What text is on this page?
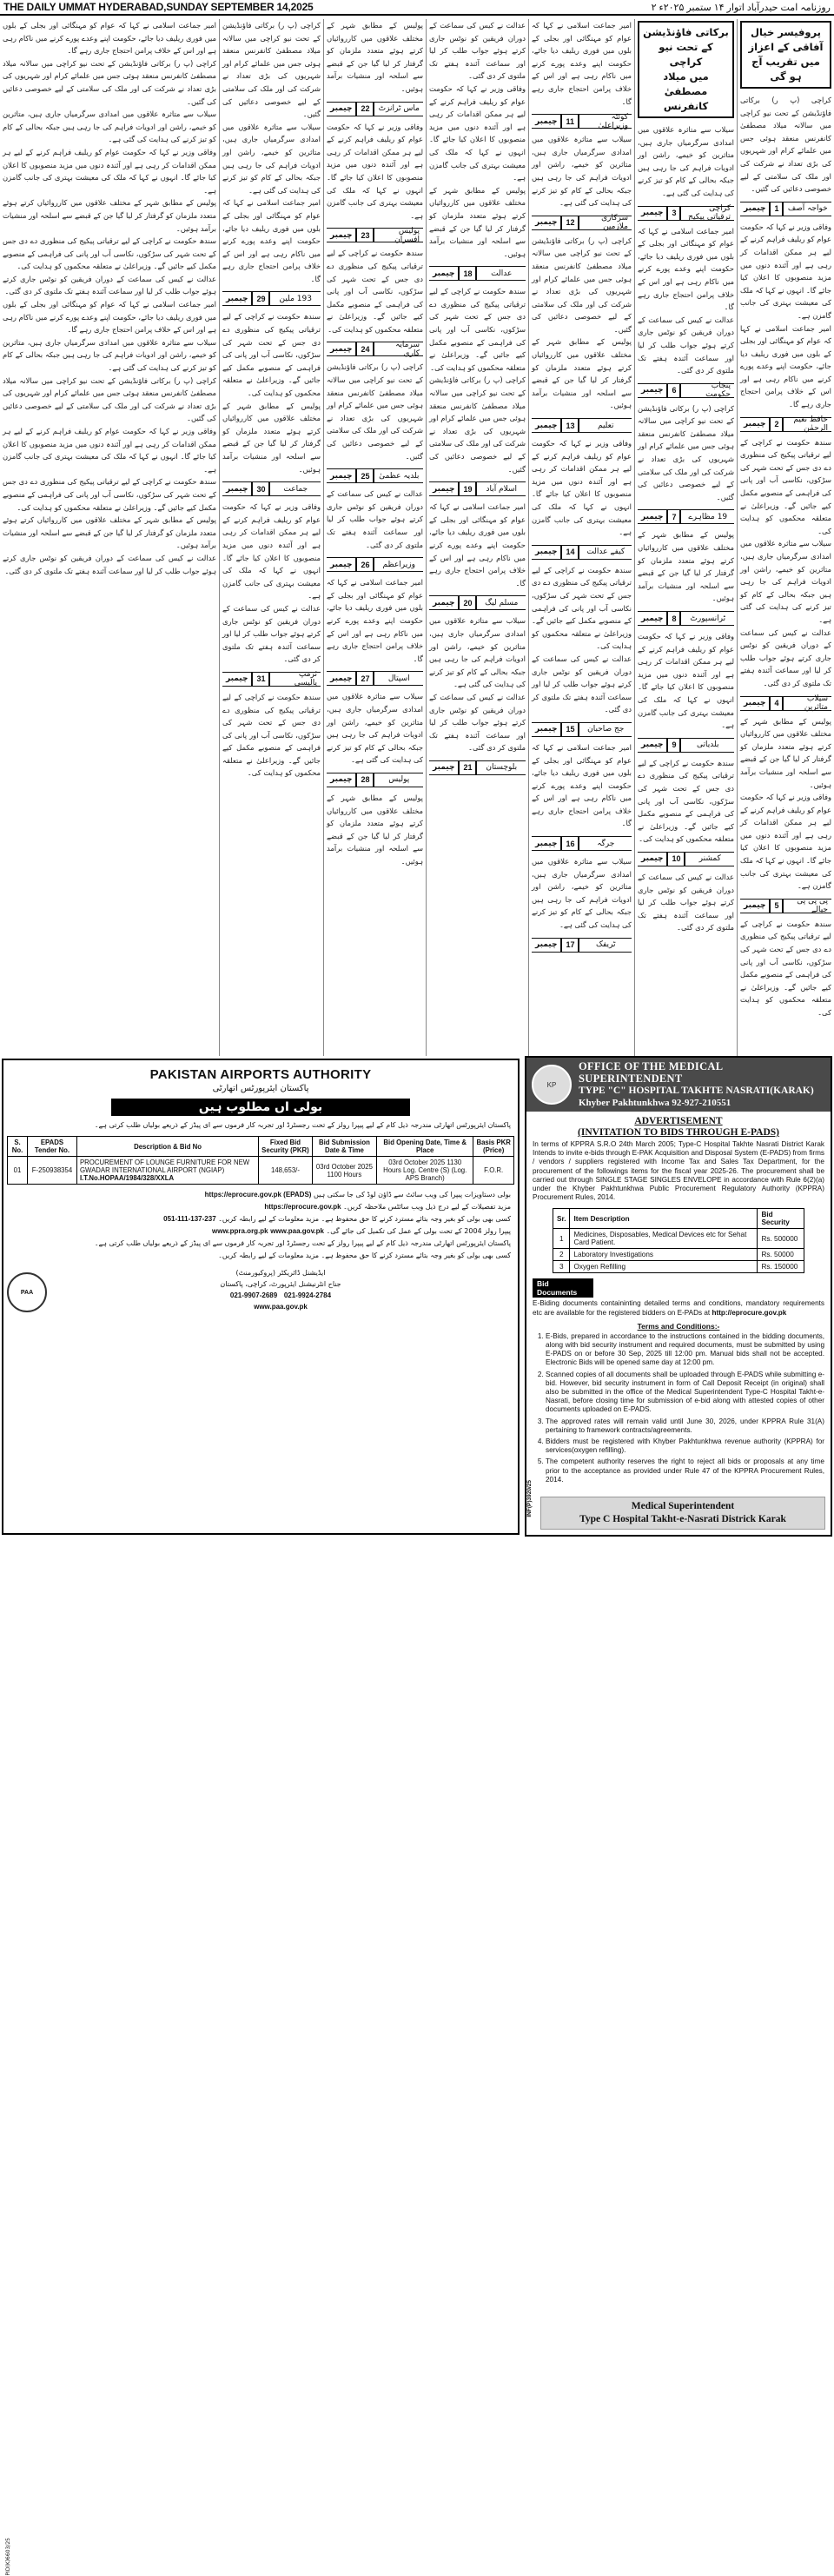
THE DAILY UMMAT HYDERABAD,SUNDAY SEPTEMBER 14,2025	روزنامہ امت حیدرآباد اتوار ۱۴ ستمبر ۲۰۲۵ء ۲
پروفیسر خیال آفاقی کے اعزاز
میں تقریب آج ہو گی
کراچی (پ ر) برکاتی فاؤنڈیشن کے تحت نیو کراچی میں سالانہ میلاد مصطفیٰ کانفرنس منعقد ہوئی جس میں علمائے کرام اور شہریوں کی بڑی تعداد نے شرکت کی اور ملک کی سلامتی کے لیے خصوصی دعائیں کی گئیں۔
چیمبر	1	خواجہ آصف
وفاقی وزیر نے کہا کہ حکومت عوام کو ریلیف فراہم کرنے کے لیے ہر ممکن اقدامات کر رہی ہے اور آئندہ دنوں میں مزید منصوبوں کا اعلان کیا جائے گا۔ انہوں نے کہا کہ ملک کی معیشت بہتری کی جانب گامزن ہے۔
امیر جماعت اسلامی نے کہا کہ عوام کو مہنگائی اور بجلی کے بلوں میں فوری ریلیف دیا جائے، حکومت اپنے وعدے پورے کرنے میں ناکام رہی ہے اور اس کے خلاف پرامن احتجاج جاری رہے گا۔
چیمبر	2	حافظ نعیم الرحمٰن
سندھ حکومت نے کراچی کے لیے ترقیاتی پیکیج کی منظوری دے دی جس کے تحت شہر کی سڑکوں، نکاسی آب اور پانی کی فراہمی کے منصوبے مکمل کیے جائیں گے۔ وزیراعلیٰ نے متعلقہ محکموں کو ہدایت کی۔
سیلاب سے متاثرہ علاقوں میں امدادی سرگرمیاں جاری ہیں، متاثرین کو خیمے، راشن اور ادویات فراہم کی جا رہی ہیں جبکہ بحالی کے کام کو تیز کرنے کی ہدایت کی گئی ہے۔
عدالت نے کیس کی سماعت کے دوران فریقین کو نوٹس جاری کرتے ہوئے جواب طلب کر لیا اور سماعت آئندہ ہفتے تک ملتوی کر دی گئی۔
چیمبر	4	سیلاب متاثرین
پولیس کے مطابق شہر کے مختلف علاقوں میں کارروائیاں کرتے ہوئے متعدد ملزمان کو گرفتار کر لیا گیا جن کے قبضے سے اسلحہ اور منشیات برآمد ہوئیں۔
وفاقی وزیر نے کہا کہ حکومت عوام کو ریلیف فراہم کرنے کے لیے ہر ممکن اقدامات کر رہی ہے اور آئندہ دنوں میں مزید منصوبوں کا اعلان کیا جائے گا۔ انہوں نے کہا کہ ملک کی معیشت بہتری کی جانب گامزن ہے۔
چیمبر	5	پی پی پی جیالے
سندھ حکومت نے کراچی کے لیے ترقیاتی پیکیج کی منظوری دے دی جس کے تحت شہر کی سڑکوں، نکاسی آب اور پانی کی فراہمی کے منصوبے مکمل کیے جائیں گے۔ وزیراعلیٰ نے متعلقہ محکموں کو ہدایت کی۔
برکاتی فاؤنڈیشن کے تحت نیو کراچی
میں میلاد مصطفیٰ کانفرنس
سیلاب سے متاثرہ علاقوں میں امدادی سرگرمیاں جاری ہیں، متاثرین کو خیمے، راشن اور ادویات فراہم کی جا رہی ہیں جبکہ بحالی کے کام کو تیز کرنے کی ہدایت کی گئی ہے۔
چیمبر	3	کراچی ترقیاتی پیکیج
امیر جماعت اسلامی نے کہا کہ عوام کو مہنگائی اور بجلی کے بلوں میں فوری ریلیف دیا جائے، حکومت اپنے وعدے پورے کرنے میں ناکام رہی ہے اور اس کے خلاف پرامن احتجاج جاری رہے گا۔
عدالت نے کیس کی سماعت کے دوران فریقین کو نوٹس جاری کرتے ہوئے جواب طلب کر لیا اور سماعت آئندہ ہفتے تک ملتوی کر دی گئی۔
چیمبر	6	پنجاب حکومت
کراچی (پ ر) برکاتی فاؤنڈیشن کے تحت نیو کراچی میں سالانہ میلاد مصطفیٰ کانفرنس منعقد ہوئی جس میں علمائے کرام اور شہریوں کی بڑی تعداد نے شرکت کی اور ملک کی سلامتی کے لیے خصوصی دعائیں کی گئیں۔
چیمبر	7	19 مظاہرے
پولیس کے مطابق شہر کے مختلف علاقوں میں کارروائیاں کرتے ہوئے متعدد ملزمان کو گرفتار کر لیا گیا جن کے قبضے سے اسلحہ اور منشیات برآمد ہوئیں۔
چیمبر	8	ٹرانسپورٹ
وفاقی وزیر نے کہا کہ حکومت عوام کو ریلیف فراہم کرنے کے لیے ہر ممکن اقدامات کر رہی ہے اور آئندہ دنوں میں مزید منصوبوں کا اعلان کیا جائے گا۔ انہوں نے کہا کہ ملک کی معیشت بہتری کی جانب گامزن ہے۔
چیمبر	9	بلدیاتی
سندھ حکومت نے کراچی کے لیے ترقیاتی پیکیج کی منظوری دے دی جس کے تحت شہر کی سڑکوں، نکاسی آب اور پانی کی فراہمی کے منصوبے مکمل کیے جائیں گے۔ وزیراعلیٰ نے متعلقہ محکموں کو ہدایت کی۔
چیمبر	10	کمشنر
عدالت نے کیس کی سماعت کے دوران فریقین کو نوٹس جاری کرتے ہوئے جواب طلب کر لیا اور سماعت آئندہ ہفتے تک ملتوی کر دی گئی۔
امیر جماعت اسلامی نے کہا کہ عوام کو مہنگائی اور بجلی کے بلوں میں فوری ریلیف دیا جائے، حکومت اپنے وعدے پورے کرنے میں ناکام رہی ہے اور اس کے خلاف پرامن احتجاج جاری رہے گا۔
چیمبر	11	کوئٹہ وزیراعلیٰ
سیلاب سے متاثرہ علاقوں میں امدادی سرگرمیاں جاری ہیں، متاثرین کو خیمے، راشن اور ادویات فراہم کی جا رہی ہیں جبکہ بحالی کے کام کو تیز کرنے کی ہدایت کی گئی ہے۔
چیمبر	12	سرکاری ملازمین
کراچی (پ ر) برکاتی فاؤنڈیشن کے تحت نیو کراچی میں سالانہ میلاد مصطفیٰ کانفرنس منعقد ہوئی جس میں علمائے کرام اور شہریوں کی بڑی تعداد نے شرکت کی اور ملک کی سلامتی کے لیے خصوصی دعائیں کی گئیں۔
پولیس کے مطابق شہر کے مختلف علاقوں میں کارروائیاں کرتے ہوئے متعدد ملزمان کو گرفتار کر لیا گیا جن کے قبضے سے اسلحہ اور منشیات برآمد ہوئیں۔
چیمبر	13	تعلیم
وفاقی وزیر نے کہا کہ حکومت عوام کو ریلیف فراہم کرنے کے لیے ہر ممکن اقدامات کر رہی ہے اور آئندہ دنوں میں مزید منصوبوں کا اعلان کیا جائے گا۔ انہوں نے کہا کہ ملک کی معیشت بہتری کی جانب گامزن ہے۔
چیمبر	14	کیفے عدالت
سندھ حکومت نے کراچی کے لیے ترقیاتی پیکیج کی منظوری دے دی جس کے تحت شہر کی سڑکوں، نکاسی آب اور پانی کی فراہمی کے منصوبے مکمل کیے جائیں گے۔ وزیراعلیٰ نے متعلقہ محکموں کو ہدایت کی۔
عدالت نے کیس کی سماعت کے دوران فریقین کو نوٹس جاری کرتے ہوئے جواب طلب کر لیا اور سماعت آئندہ ہفتے تک ملتوی کر دی گئی۔
چیمبر	15	جج صاحبان
امیر جماعت اسلامی نے کہا کہ عوام کو مہنگائی اور بجلی کے بلوں میں فوری ریلیف دیا جائے، حکومت اپنے وعدے پورے کرنے میں ناکام رہی ہے اور اس کے خلاف پرامن احتجاج جاری رہے گا۔
چیمبر	16	جرگہ
سیلاب سے متاثرہ علاقوں میں امدادی سرگرمیاں جاری ہیں، متاثرین کو خیمے، راشن اور ادویات فراہم کی جا رہی ہیں جبکہ بحالی کے کام کو تیز کرنے کی ہدایت کی گئی ہے۔
چیمبر	17	ٹریفک
عدالت نے کیس کی سماعت کے دوران فریقین کو نوٹس جاری کرتے ہوئے جواب طلب کر لیا اور سماعت آئندہ ہفتے تک ملتوی کر دی گئی۔
وفاقی وزیر نے کہا کہ حکومت عوام کو ریلیف فراہم کرنے کے لیے ہر ممکن اقدامات کر رہی ہے اور آئندہ دنوں میں مزید منصوبوں کا اعلان کیا جائے گا۔ انہوں نے کہا کہ ملک کی معیشت بہتری کی جانب گامزن ہے۔
پولیس کے مطابق شہر کے مختلف علاقوں میں کارروائیاں کرتے ہوئے متعدد ملزمان کو گرفتار کر لیا گیا جن کے قبضے سے اسلحہ اور منشیات برآمد ہوئیں۔
چیمبر	18	عدالت
سندھ حکومت نے کراچی کے لیے ترقیاتی پیکیج کی منظوری دے دی جس کے تحت شہر کی سڑکوں، نکاسی آب اور پانی کی فراہمی کے منصوبے مکمل کیے جائیں گے۔ وزیراعلیٰ نے متعلقہ محکموں کو ہدایت کی۔
کراچی (پ ر) برکاتی فاؤنڈیشن کے تحت نیو کراچی میں سالانہ میلاد مصطفیٰ کانفرنس منعقد ہوئی جس میں علمائے کرام اور شہریوں کی بڑی تعداد نے شرکت کی اور ملک کی سلامتی کے لیے خصوصی دعائیں کی گئیں۔
چیمبر	19	اسلام آباد
امیر جماعت اسلامی نے کہا کہ عوام کو مہنگائی اور بجلی کے بلوں میں فوری ریلیف دیا جائے، حکومت اپنے وعدے پورے کرنے میں ناکام رہی ہے اور اس کے خلاف پرامن احتجاج جاری رہے گا۔
چیمبر	20	مسلم لیگ
سیلاب سے متاثرہ علاقوں میں امدادی سرگرمیاں جاری ہیں، متاثرین کو خیمے، راشن اور ادویات فراہم کی جا رہی ہیں جبکہ بحالی کے کام کو تیز کرنے کی ہدایت کی گئی ہے۔
عدالت نے کیس کی سماعت کے دوران فریقین کو نوٹس جاری کرتے ہوئے جواب طلب کر لیا اور سماعت آئندہ ہفتے تک ملتوی کر دی گئی۔
چیمبر	21	بلوچستان
پولیس کے مطابق شہر کے مختلف علاقوں میں کارروائیاں کرتے ہوئے متعدد ملزمان کو گرفتار کر لیا گیا جن کے قبضے سے اسلحہ اور منشیات برآمد ہوئیں۔
چیمبر	22	ماس ٹرانزٹ
وفاقی وزیر نے کہا کہ حکومت عوام کو ریلیف فراہم کرنے کے لیے ہر ممکن اقدامات کر رہی ہے اور آئندہ دنوں میں مزید منصوبوں کا اعلان کیا جائے گا۔ انہوں نے کہا کہ ملک کی معیشت بہتری کی جانب گامزن ہے۔
چیمبر	23	پولیس افسران
سندھ حکومت نے کراچی کے لیے ترقیاتی پیکیج کی منظوری دے دی جس کے تحت شہر کی سڑکوں، نکاسی آب اور پانی کی فراہمی کے منصوبے مکمل کیے جائیں گے۔ وزیراعلیٰ نے متعلقہ محکموں کو ہدایت کی۔
چیمبر	24	سرمایہ کاری
کراچی (پ ر) برکاتی فاؤنڈیشن کے تحت نیو کراچی میں سالانہ میلاد مصطفیٰ کانفرنس منعقد ہوئی جس میں علمائے کرام اور شہریوں کی بڑی تعداد نے شرکت کی اور ملک کی سلامتی کے لیے خصوصی دعائیں کی گئیں۔
چیمبر	25	بلدیہ عظمیٰ
عدالت نے کیس کی سماعت کے دوران فریقین کو نوٹس جاری کرتے ہوئے جواب طلب کر لیا اور سماعت آئندہ ہفتے تک ملتوی کر دی گئی۔
چیمبر	26	وزیراعظم
امیر جماعت اسلامی نے کہا کہ عوام کو مہنگائی اور بجلی کے بلوں میں فوری ریلیف دیا جائے، حکومت اپنے وعدے پورے کرنے میں ناکام رہی ہے اور اس کے خلاف پرامن احتجاج جاری رہے گا۔
چیمبر	27	اسپتال
سیلاب سے متاثرہ علاقوں میں امدادی سرگرمیاں جاری ہیں، متاثرین کو خیمے، راشن اور ادویات فراہم کی جا رہی ہیں جبکہ بحالی کے کام کو تیز کرنے کی ہدایت کی گئی ہے۔
چیمبر	28	پولیس
پولیس کے مطابق شہر کے مختلف علاقوں میں کارروائیاں کرتے ہوئے متعدد ملزمان کو گرفتار کر لیا گیا جن کے قبضے سے اسلحہ اور منشیات برآمد ہوئیں۔
کراچی (پ ر) برکاتی فاؤنڈیشن کے تحت نیو کراچی میں سالانہ میلاد مصطفیٰ کانفرنس منعقد ہوئی جس میں علمائے کرام اور شہریوں کی بڑی تعداد نے شرکت کی اور ملک کی سلامتی کے لیے خصوصی دعائیں کی گئیں۔
سیلاب سے متاثرہ علاقوں میں امدادی سرگرمیاں جاری ہیں، متاثرین کو خیمے، راشن اور ادویات فراہم کی جا رہی ہیں جبکہ بحالی کے کام کو تیز کرنے کی ہدایت کی گئی ہے۔
امیر جماعت اسلامی نے کہا کہ عوام کو مہنگائی اور بجلی کے بلوں میں فوری ریلیف دیا جائے، حکومت اپنے وعدے پورے کرنے میں ناکام رہی ہے اور اس کے خلاف پرامن احتجاج جاری رہے گا۔
چیمبر	29	193 ملین
سندھ حکومت نے کراچی کے لیے ترقیاتی پیکیج کی منظوری دے دی جس کے تحت شہر کی سڑکوں، نکاسی آب اور پانی کی فراہمی کے منصوبے مکمل کیے جائیں گے۔ وزیراعلیٰ نے متعلقہ محکموں کو ہدایت کی۔
پولیس کے مطابق شہر کے مختلف علاقوں میں کارروائیاں کرتے ہوئے متعدد ملزمان کو گرفتار کر لیا گیا جن کے قبضے سے اسلحہ اور منشیات برآمد ہوئیں۔
چیمبر	30	جماعت
وفاقی وزیر نے کہا کہ حکومت عوام کو ریلیف فراہم کرنے کے لیے ہر ممکن اقدامات کر رہی ہے اور آئندہ دنوں میں مزید منصوبوں کا اعلان کیا جائے گا۔ انہوں نے کہا کہ ملک کی معیشت بہتری کی جانب گامزن ہے۔
عدالت نے کیس کی سماعت کے دوران فریقین کو نوٹس جاری کرتے ہوئے جواب طلب کر لیا اور سماعت آئندہ ہفتے تک ملتوی کر دی گئی۔
چیمبر	31	ٹرمپ پالیسی
سندھ حکومت نے کراچی کے لیے ترقیاتی پیکیج کی منظوری دے دی جس کے تحت شہر کی سڑکوں، نکاسی آب اور پانی کی فراہمی کے منصوبے مکمل کیے جائیں گے۔ وزیراعلیٰ نے متعلقہ محکموں کو ہدایت کی۔
امیر جماعت اسلامی نے کہا کہ عوام کو مہنگائی اور بجلی کے بلوں میں فوری ریلیف دیا جائے، حکومت اپنے وعدے پورے کرنے میں ناکام رہی ہے اور اس کے خلاف پرامن احتجاج جاری رہے گا۔
کراچی (پ ر) برکاتی فاؤنڈیشن کے تحت نیو کراچی میں سالانہ میلاد مصطفیٰ کانفرنس منعقد ہوئی جس میں علمائے کرام اور شہریوں کی بڑی تعداد نے شرکت کی اور ملک کی سلامتی کے لیے خصوصی دعائیں کی گئیں۔
سیلاب سے متاثرہ علاقوں میں امدادی سرگرمیاں جاری ہیں، متاثرین کو خیمے، راشن اور ادویات فراہم کی جا رہی ہیں جبکہ بحالی کے کام کو تیز کرنے کی ہدایت کی گئی ہے۔
وفاقی وزیر نے کہا کہ حکومت عوام کو ریلیف فراہم کرنے کے لیے ہر ممکن اقدامات کر رہی ہے اور آئندہ دنوں میں مزید منصوبوں کا اعلان کیا جائے گا۔ انہوں نے کہا کہ ملک کی معیشت بہتری کی جانب گامزن ہے۔
پولیس کے مطابق شہر کے مختلف علاقوں میں کارروائیاں کرتے ہوئے متعدد ملزمان کو گرفتار کر لیا گیا جن کے قبضے سے اسلحہ اور منشیات برآمد ہوئیں۔
سندھ حکومت نے کراچی کے لیے ترقیاتی پیکیج کی منظوری دے دی جس کے تحت شہر کی سڑکوں، نکاسی آب اور پانی کی فراہمی کے منصوبے مکمل کیے جائیں گے۔ وزیراعلیٰ نے متعلقہ محکموں کو ہدایت کی۔
عدالت نے کیس کی سماعت کے دوران فریقین کو نوٹس جاری کرتے ہوئے جواب طلب کر لیا اور سماعت آئندہ ہفتے تک ملتوی کر دی گئی۔
امیر جماعت اسلامی نے کہا کہ عوام کو مہنگائی اور بجلی کے بلوں میں فوری ریلیف دیا جائے، حکومت اپنے وعدے پورے کرنے میں ناکام رہی ہے اور اس کے خلاف پرامن احتجاج جاری رہے گا۔
سیلاب سے متاثرہ علاقوں میں امدادی سرگرمیاں جاری ہیں، متاثرین کو خیمے، راشن اور ادویات فراہم کی جا رہی ہیں جبکہ بحالی کے کام کو تیز کرنے کی ہدایت کی گئی ہے۔
کراچی (پ ر) برکاتی فاؤنڈیشن کے تحت نیو کراچی میں سالانہ میلاد مصطفیٰ کانفرنس منعقد ہوئی جس میں علمائے کرام اور شہریوں کی بڑی تعداد نے شرکت کی اور ملک کی سلامتی کے لیے خصوصی دعائیں کی گئیں۔
وفاقی وزیر نے کہا کہ حکومت عوام کو ریلیف فراہم کرنے کے لیے ہر ممکن اقدامات کر رہی ہے اور آئندہ دنوں میں مزید منصوبوں کا اعلان کیا جائے گا۔ انہوں نے کہا کہ ملک کی معیشت بہتری کی جانب گامزن ہے۔
سندھ حکومت نے کراچی کے لیے ترقیاتی پیکیج کی منظوری دے دی جس کے تحت شہر کی سڑکوں، نکاسی آب اور پانی کی فراہمی کے منصوبے مکمل کیے جائیں گے۔ وزیراعلیٰ نے متعلقہ محکموں کو ہدایت کی۔
پولیس کے مطابق شہر کے مختلف علاقوں میں کارروائیاں کرتے ہوئے متعدد ملزمان کو گرفتار کر لیا گیا جن کے قبضے سے اسلحہ اور منشیات برآمد ہوئیں۔
عدالت نے کیس کی سماعت کے دوران فریقین کو نوٹس جاری کرتے ہوئے جواب طلب کر لیا اور سماعت آئندہ ہفتے تک ملتوی کر دی گئی۔
PID(K)6603/25
PAKISTAN AIRPORTS AUTHORITY
پاکستان ایئرپورٹس اتھارٹی
بولی اں مطلوب ہیں
پاکستان ایئرپورٹس اتھارٹی مندرجہ ذیل کام کے لیے پیپرا رولز کے تحت رجسٹرڈ اور تجربہ کار فرموں سے ای پیڈز کے ذریعے بولیاں طلب کرتی ہے۔
S. No.	EPADS Tender No.	Description & Bid No	Fixed Bid Security (PKR)	Bid Submission Date & Time	Bid Opening Date, Time & Place	Basis PKR (Price)
01	F-250938354	PROCUREMENT OF LOUNGE FURNITURE FOR NEW GWADAR INTERNATIONAL AIRPORT (NGIAP)
I.T.No.HOPAA/1984/328/XXLA	148,653/-	03rd October 2025 1100 Hours	03rd October 2025 1130 Hours Log. Centre (S) (Log. APS Branch)	F.O.R.
بولی دستاویزات پیپرا کی ویب سائٹ سے ڈاؤن لوڈ کی جا سکتی ہیں https://eprocure.gov.pk (EPADS)
مزید تفصیلات کے لیے درج ذیل ویب سائٹس ملاحظہ کریں۔ https://eprocure.gov.pk
کسی بھی بولی کو بغیر وجہ بتائے مسترد کرنے کا حق محفوظ ہے۔ مزید معلومات کے لیے رابطہ کریں۔ 051-111-137-237
پیپرا رولز 2004 کے تحت بولی کے عمل کی تکمیل کی جائے گی۔ www.ppra.org.pk www.paa.gov.pk
پاکستان ایئرپورٹس اتھارٹی مندرجہ ذیل کام کے لیے پیپرا رولز کے تحت رجسٹرڈ اور تجربہ کار فرموں سے ای پیڈز کے ذریعے بولیاں طلب کرتی ہے۔
کسی بھی بولی کو بغیر وجہ بتائے مسترد کرنے کا حق محفوظ ہے۔ مزید معلومات کے لیے رابطہ کریں۔
PAA
ایڈیشنل ڈائریکٹر (پروکیورمنٹ)
جناح انٹرنیشنل ایئرپورٹ، کراچی، پاکستان
021-9924-2784   021-9907-2689
www.paa.gov.pk
KP
OFFICE OF THE MEDICAL SUPERINTENDENT
TYPE "C" HOSPITAL TAKHTE NASRATI(KARAK)
Khyber Pakhtunkhwa 92-927-210551
ADVERTISEMENT
(INVITATION TO BIDS THROUGH E-PADS)
In terms of KPPRA S.R.O 24th March 2005; Type-C Hospital Takhte Nasrati District Karak Intends to invite e-bids through E-PAK Acquisition and Disposal System (E-PADS) from firms / vendors / suppliers registered with Income Tax and Sales Tax Department, for the procurement of the followings items for the fiscal year 2025-26. The procurement shall be carried out through SINGLE STAGE SINGLES ENVELOPE in accordance with Rule 6(2)(a) under the Khyber Pakhtunkhwa Public Procurement Regulatory Authority (KPPRA) Procurement Rules, 2014.
Sr.	Item Description	Bid Security
1	Medicines, Disposables, Medical Devices etc for Sehat Card Patient.	Rs. 500000
2	Laboratory Investigations	Rs. 50000
3	Oxygen Refilling	Rs. 150000
Bid Documents
E-Biding documents containinting detailed terms and conditions, mandatory requirements etc are available for the registered bidders on E-PADs at http://eprocure.gov.pk
Terms and Conditions:-
1. E-Bids, prepared in accordance to the instructions contained in the bidding documents, along with bid security instrument and required documents, must be submitted by using E-PADS on or before 30 Sep, 2025 till 12:00 pm. Manual bids shall not be accepted. Electronic Bids will be opened same day at 12:00 pm.
2. Scanned copies of all documents shall be uploaded through E-PADS while submitting e-bid. However, bid security instrument in form of Call Deposit Receipt (in original) shall also be submitted in the office of the Medical Superintendent Type-C Hospital Takht-e-Nasrati, before closing time for submission of e-bid along with attested copies of other documents uploaded on E-PADS.
3. The approved rates will remain valid until June 30, 2026, under KPPRA Rule 31(A) pertaining to framework contracts/agreements.
4. Bidders must be registered with Khyber Pakhtunkhwa revenue authority (KPPRA) for services(oxygen refilling).
5. The competent authority reserves the right to reject all bids or proposals at any time prior to the acceptance as provided under Rule 47 of the KPPRA Procurement Rules, 2014.
INF(P)3920/25	Medical Superintendent
Type C Hospital Takht-e-Nasrati Districk Karak
